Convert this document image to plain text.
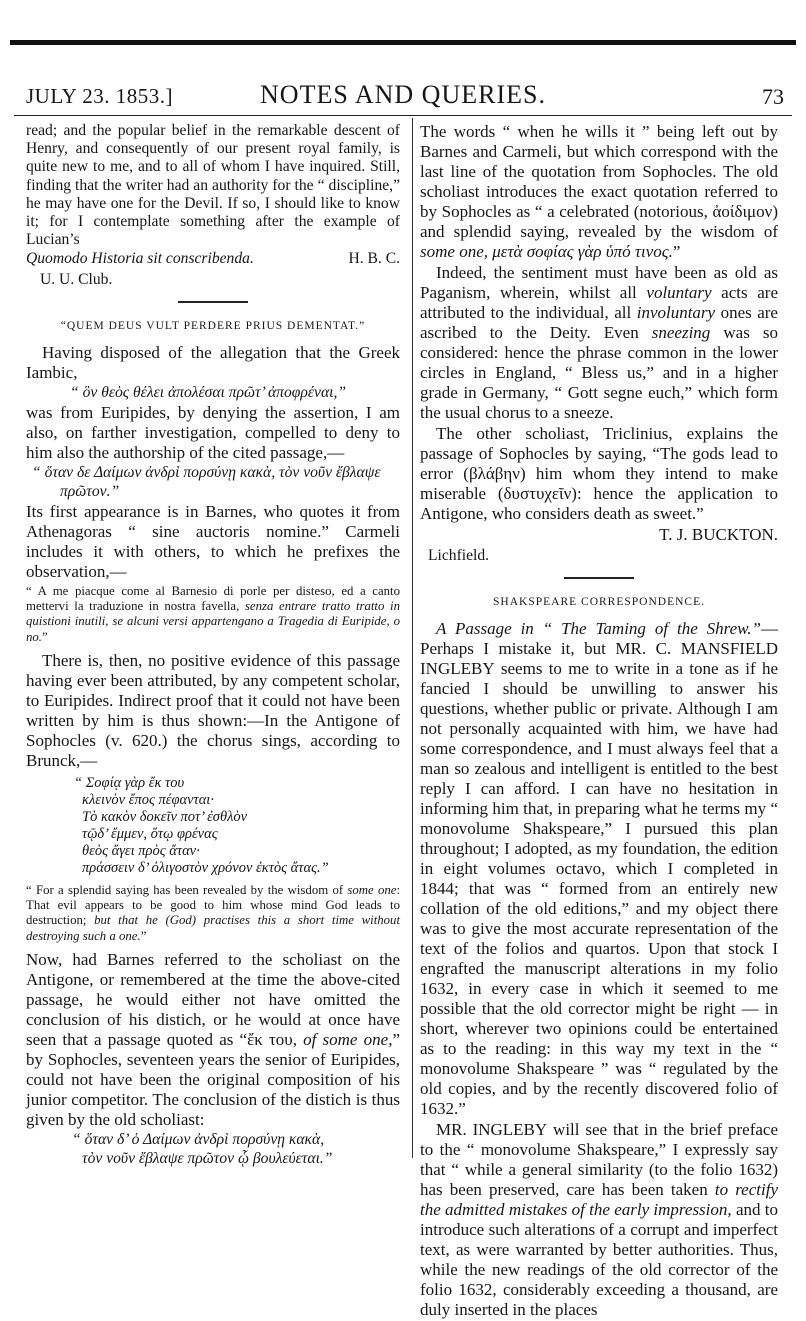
JULY 23. 1853.]	NOTES AND QUERIES.	73

read; and the popular belief in the remarkable descent of Henry, and consequently of our present royal family, is quite new to me, and to all of whom I have inquired. Still, finding that the writer had an authority for the “ discipline,” he may have one for the Devil. If so, I should like to know it; for I contemplate something after the example of Lucian’s

Quomodo Historia sit conscribenda.	H. B. C.
U. U. Club.
“QUEM DEUS VULT PERDERE PRIUS DEMENTAT.”

Having disposed of the allegation that the Greek Iambic,

“ ὃν θεὸς θέλει ἀπολέσαι πρῶτ’ ἀποφρέναι,”

was from Euripides, by denying the assertion, I am also, on farther investigation, compelled to deny to him also the authorship of the cited passage,—

“ ὅταν δε Δαίμων ἀνδρὶ πορσύνῃ κακὰ, τὸν νοῦν ἔβλαψε
πρῶτον.”

Its first appearance is in Barnes, who quotes it from Athenagoras “ sine auctoris nomine.” Carmeli includes it with others, to which he prefixes the observation,—

“ A me piacque come al Barnesio di porle per disteso, ed a canto mettervi la traduzione in nostra favella, senza entrare tratto tratto in quistioni inutili, se alcuni versi appartengano a Tragedia di Euripide, o no.”

There is, then, no positive evidence of this passage having ever been attributed, by any competent scholar, to Euripides. Indirect proof that it could not have been written by him is thus shown:—In the Antigone of Sophocles (v. 620.) the chorus sings, according to Brunck,—

“ Σοφίᾳ γὰρ ἔκ του
κλεινὸν ἔπος πέφανται·
Τὸ κακὸν δοκεῖν ποτ’ ἐσθλὸν
τῷδ’ ἔμμεν, ὅτῳ φρένας
θεὸς ἄγει πρὸς ἄταν·
πράσσειν δ’ ὀλιγοστὸν χρόνον ἐκτὸς ἄτας.”
“ For a splendid saying has been revealed by the wisdom of some one: That evil appears to be good to him whose mind God leads to destruction; but that he (God) practises this a short time without destroying such a one.”

Now, had Barnes referred to the scholiast on the Antigone, or remembered at the time the above-cited passage, he would either not have omitted the conclusion of his distich, or he would at once have seen that a passage quoted as “ἔκ του, of some one,” by Sophocles, seventeen years the senior of Euripides, could not have been the original composition of his junior competitor. The conclusion of the distich is thus given by the old scholiast:

“ ὅταν δ’ ὁ Δαίμων ἀνδρὶ πορσύνῃ κακὰ,
τὸν νοῦν ἔβλαψε πρῶτον ᾧ βουλεύεται.”

The words “ when he wills it ” being left out by Barnes and Carmeli, but which correspond with the last line of the quotation from Sophocles. The old scholiast introduces the exact quotation referred to by Sophocles as “ a celebrated (notorious, ἀοίδιμον) and splendid saying, revealed by the wisdom of some one, μετὰ σοφίας γὰρ ὑπό τινος.”

Indeed, the sentiment must have been as old as Paganism, wherein, whilst all voluntary acts are attributed to the individual, all involuntary ones are ascribed to the Deity. Even sneezing was so considered: hence the phrase common in the lower circles in England, “ Bless us,” and in a higher grade in Germany, “ Gott segne euch,” which form the usual chorus to a sneeze.

The other scholiast, Triclinius, explains the passage of Sophocles by saying, “The gods lead to error (βλάβην) him whom they intend to make miserable (δυστυχεῖν): hence the application to Antigone, who considers death as sweet.”

T. J. BUCKTON.
Lichfield.
SHAKSPEARE CORRESPONDENCE.

A Passage in “ The Taming of the Shrew.”— Perhaps I mistake it, but MR. C. MANSFIELD INGLEBY seems to me to write in a tone as if he fancied I should be unwilling to answer his questions, whether public or private. Although I am not personally acquainted with him, we have had some correspondence, and I must always feel that a man so zealous and intelligent is entitled to the best reply I can afford. I can have no hesitation in informing him that, in preparing what he terms my “ monovolume Shakspeare,” I pursued this plan throughout; I adopted, as my foundation, the edition in eight volumes octavo, which I completed in 1844; that was “ formed from an entirely new collation of the old editions,” and my object there was to give the most accurate representation of the text of the folios and quartos. Upon that stock I engrafted the manuscript alterations in my folio 1632, in every case in which it seemed to me possible that the old corrector might be right — in short, wherever two opinions could be entertained as to the reading: in this way my text in the “ monovolume Shakspeare ” was “ regulated by the old copies, and by the recently discovered folio of 1632.”

MR. INGLEBY will see that in the brief preface to the “ monovolume Shakspeare,” I expressly say that “ while a general similarity (to the folio 1632) has been preserved, care has been taken to rectify the admitted mistakes of the early impression, and to introduce such alterations of a corrupt and imperfect text, as were warranted by better authorities. Thus, while the new readings of the old corrector of the folio 1632, considerably exceeding a thousand, are duly inserted in the places
